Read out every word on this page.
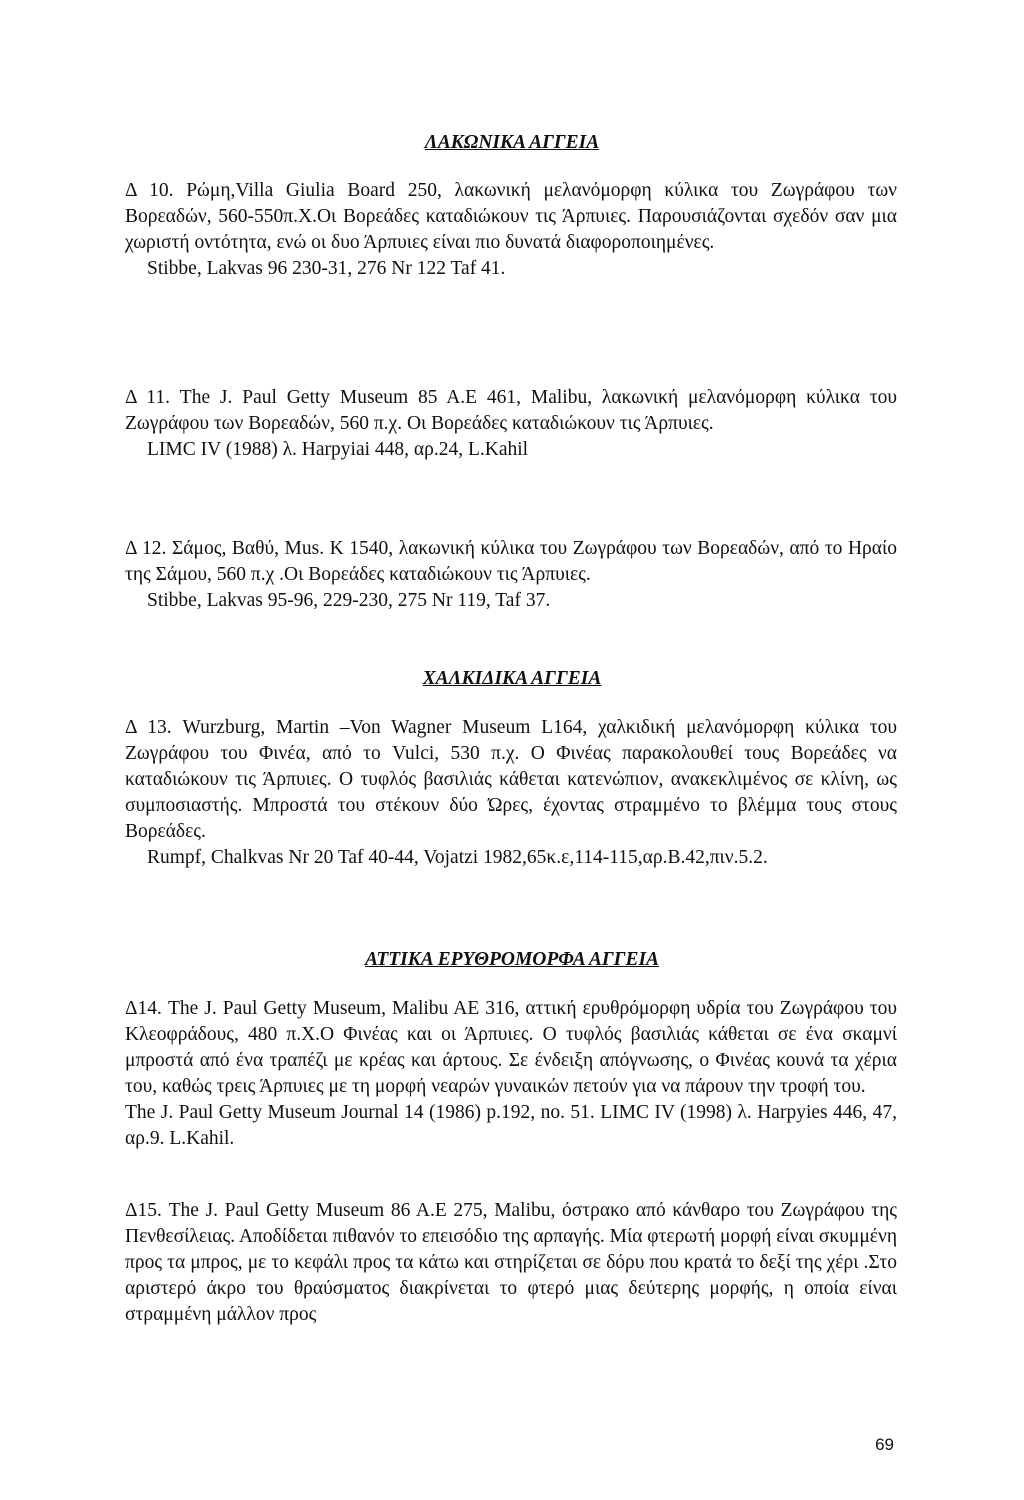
ΛΑΚΩΝΙΚΑ ΑΓΓΕΙΑ

Δ 10. Ρώμη,Villa Giulia Board 250, λακωνική μελανόμορφη κύλικα του Ζωγράφου των Βορεαδών, 560-550π.Χ.Οι Βορεάδες καταδιώκουν τις Άρπυιες. Παρουσιάζονται σχεδόν σαν μια χωριστή οντότητα, ενώ οι δυο Άρπυιες είναι πιο δυνατά διαφοροποιημένες.

Stibbe, Lakvas 96 230-31, 276 Nr 122 Taf 41.

Δ 11. The J. Paul Getty Museum 85 A.E 461, Malibu, λακωνική μελανόμορφη κύλικα του Ζωγράφου των Βορεαδών, 560 π.χ. Οι Βορεάδες καταδιώκουν τις Άρπυιες.

LIMC IV (1988) λ. Harpyiai 448, αρ.24, L.Kahil

Δ 12. Σάμος, Βαθύ, Mus. K 1540, λακωνική κύλικα του Ζωγράφου των Βορεαδών, από το Ηραίο της Σάμου, 560 π.χ .Οι Βορεάδες καταδιώκουν τις Άρπυιες.

Stibbe, Lakvas 95-96, 229-230, 275 Nr 119, Taf 37.

ΧΑΛΚΙΔΙΚΑ ΑΓΓΕΙΑ

Δ 13. Wurzburg, Martin –Von Wagner Museum L164, χαλκιδική μελανόμορφη κύλικα του Ζωγράφου του Φινέα, από το Vulci, 530 π.χ. Ο Φινέας παρακολουθεί τους Βορεάδες να καταδιώκουν τις Άρπυιες. Ο τυφλός βασιλιάς κάθεται κατενώπιον, ανακεκλιμένος σε κλίνη, ως συμποσιαστής. Μπροστά του στέκουν δύο Ώρες, έχοντας στραμμένο το βλέμμα τους στους Βορεάδες.

Rumpf, Chalkvas Nr 20 Taf 40-44, Vojatzi 1982,65κ.ε,114-115,αρ.Β.42,πιν.5.2.

ΑΤΤΙΚΑ ΕΡΥΘΡΟΜΟΡΦΑ ΑΓΓΕΙΑ

Δ14. The J. Paul Getty Museum, Malibu AE 316, αττική ερυθρόμορφη υδρία του Ζωγράφου του Κλεοφράδους, 480 π.Χ.Ο Φινέας και οι Άρπυιες. Ο τυφλός βασιλιάς κάθεται σε ένα σκαμνί μπροστά από ένα τραπέζι με κρέας και άρτους. Σε ένδειξη απόγνωσης, ο Φινέας κουνά τα χέρια του, καθώς τρεις Άρπυιες με τη μορφή νεαρών γυναικών πετούν για να πάρουν την τροφή του.

The J. Paul Getty Museum Journal 14 (1986) p.192, no. 51. LIMC IV (1998) λ. Harpyies 446, 47, αρ.9. L.Kahil.

Δ15. The J. Paul Getty Museum 86 A.E 275, Malibu, όστρακο από κάνθαρο του Ζωγράφου της Πενθεσίλειας. Αποδίδεται πιθανόν το επεισόδιο της αρπαγής. Μία φτερωτή μορφή είναι σκυμμένη προς τα μπρος, με το κεφάλι προς τα κάτω και στηρίζεται σε δόρυ που κρατά το δεξί της χέρι .Στο αριστερό άκρο του θραύσματος διακρίνεται το φτερό μιας δεύτερης μορφής, η οποία είναι στραμμένη μάλλον προς

69
